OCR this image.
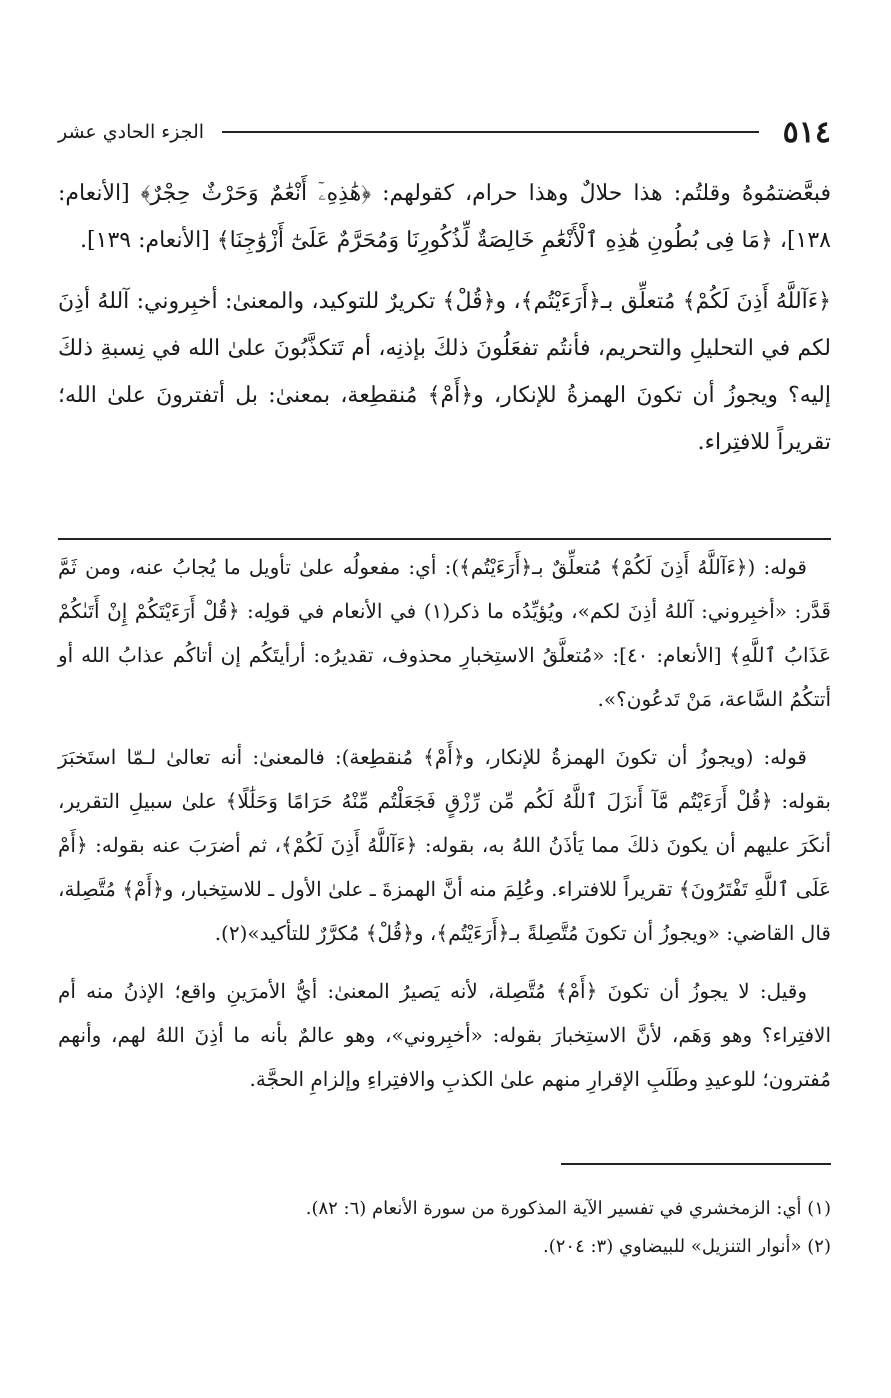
٥١٤
الجزء الحادي عشر

فبعَّضتمُوهُ وقلتُم: هذا حلالٌ وهذا حرام، كقولهم: ﴿هَٰذِهِۦٓ أَنْعَٰمٌ وَحَرْثٌ حِجْرٌ﴾ [الأنعام: ١٣٨]، ﴿مَا فِى بُطُونِ هَٰذِهِ ٱلْأَنْعَٰمِ خَالِصَةٌ لِّذُكُورِنَا وَمُحَرَّمٌ عَلَىٰٓ أَزْوَٰجِنَا﴾ [الأنعام: ١٣٩].

﴿ءَآللَّهُ أَذِنَ لَكُمْ﴾ مُتعلِّق بـ﴿أَرَءَيْتُم﴾، و﴿قُلْ﴾ تكريرٌ للتوكيد، والمعنىٰ: أخبِروني: آللهُ أذِنَ لكم في التحليلِ والتحريم، فأنتُم تفعَلُونَ ذلكَ بإذنِه، أم تَتكذَّبُونَ علىٰ الله في نِسبةِ ذلكَ إليه؟ ويجوزُ أن تكونَ الهمزةُ للإنكار، و﴿أَمْ﴾ مُنقطِعة، بمعنىٰ: بل أتفترونَ علىٰ الله؛ تقريراً للافتِراء.

قوله: (﴿ءَآللَّهُ أَذِنَ لَكُمْ﴾ مُتعلِّقٌ بـ﴿أَرَءَيْتُم﴾): أي: مفعولُه علىٰ تأويل ما يُجابُ عنه، ومن ثَمَّ قَدَّر: «أخبِروني: آللهُ أذِنَ لكم»، ويُؤيِّدُه ما ذكر(١) في الأنعام في قولِه: ﴿قُلْ أَرَءَيْتَكُمْ إِنْ أَتَىٰكُمْ عَذَابُ ٱللَّهِ﴾ [الأنعام: ٤٠]: «مُتعلَّقُ الاستِخبارِ محذوف، تقديرُه: أرأيتَكُم إن أتاكُم عذابُ الله أو أتتكُمُ السَّاعة، مَنْ تَدعُون؟».

قوله: (ويجوزُ أن تكونَ الهمزةُ للإنكار، و﴿أَمْ﴾ مُنقطِعة): فالمعنىٰ: أنه تعالىٰ لـمّا استَخبَرَ بقوله: ﴿قُلْ أَرَءَيْتُم مَّآ أَنزَلَ ٱللَّهُ لَكُم مِّن رِّزْقٍ فَجَعَلْتُم مِّنْهُ حَرَامًا وَحَلَٰلًا﴾ علىٰ سبيلِ التقرير، أنكَرَ عليهم أن يكونَ ذلكَ مما يَأذَنُ اللهُ به، بقوله: ﴿ءَآللَّهُ أَذِنَ لَكُمْ﴾، ثم أضرَبَ عنه بقوله: ﴿أَمْ عَلَى ٱللَّهِ تَفْتَرُونَ﴾ تقريراً للافتراء. وعُلِمَ منه أنَّ الهمزةَ ـ علىٰ الأول ـ للاستِخبار، و﴿أَمْ﴾ مُتَّصِلة، قال القاضي: «ويجوزُ أن تكونَ مُتَّصِلةً بـ﴿أَرَءَيْتُم﴾، و﴿قُلْ﴾ مُكرَّرٌ للتأكيد»(٢).

وقيل: لا يجوزُ أن تكونَ ﴿أَمْ﴾ مُتَّصِلة، لأنه يَصيرُ المعنىٰ: أيُّ الأمرَينِ واقع؛ الإذنُ منه أم الافتِراء؟ وهو وَهَم، لأنَّ الاستِخبارَ بقوله: «أخبِروني»، وهو عالمٌ بأنه ما أذِنَ اللهُ لهم، وأنهم مُفترون؛ للوعيدِ وطَلَبِ الإقرارِ منهم علىٰ الكذبِ والافتِراءِ وإلزامِ الحجَّة.

(١) أي: الزمخشري في تفسير الآية المذكورة من سورة الأنعام (٦: ٨٢).

(٢) «أنوار التنزيل» للبيضاوي (٣: ٢٠٤).
